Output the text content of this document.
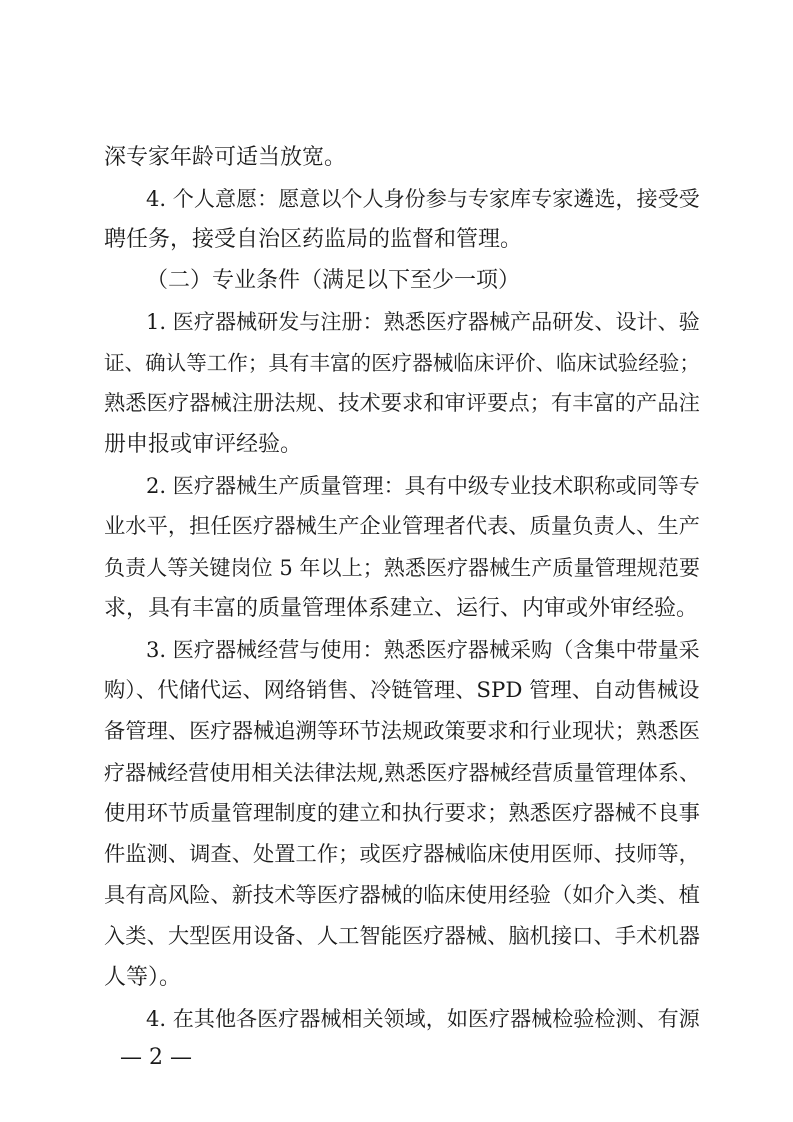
深专家年龄可适当放宽。
4. 个人意愿：愿意以个人身份参与专家库专家遴选，接受受
聘任务，接受自治区药监局的监督和管理。
（二）专业条件（满足以下至少一项）
1. 医疗器械研发与注册：熟悉医疗器械产品研发、设计、验
证、确认等工作；具有丰富的医疗器械临床评价、临床试验经验；
熟悉医疗器械注册法规、技术要求和审评要点；有丰富的产品注
册申报或审评经验。
2. 医疗器械生产质量管理：具有中级专业技术职称或同等专
业水平，担任医疗器械生产企业管理者代表、质量负责人、生产
负责人等关键岗位 5 年以上；熟悉医疗器械生产质量管理规范要
求，具有丰富的质量管理体系建立、运行、内审或外审经验。
3. 医疗器械经营与使用：熟悉医疗器械采购（含集中带量采
购）、代储代运、网络销售、冷链管理、SPD 管理、自动售械设
备管理、医疗器械追溯等环节法规政策要求和行业现状；熟悉医
疗器械经营使用相关法律法规,熟悉医疗器械经营质量管理体系、
使用环节质量管理制度的建立和执行要求；熟悉医疗器械不良事
件监测、调查、处置工作；或医疗器械临床使用医师、技师等，
具有高风险、新技术等医疗器械的临床使用经验（如介入类、植
入类、大型医用设备、人工智能医疗器械、脑机接口、手术机器
人等）。
4. 在其他各医疗器械相关领域，如医疗器械检验检测、有源
— 2 —
